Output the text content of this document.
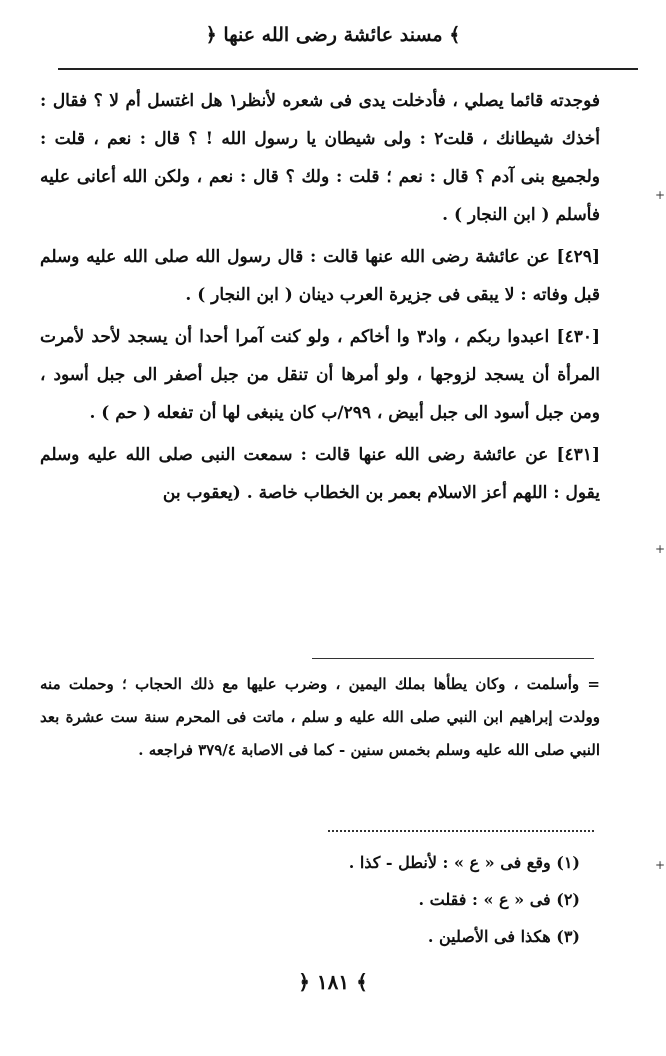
﴿ مسند عائشة رضى الله عنها ﴾

فوجدته قائما يصلي ، فأدخلت يدى فى شعره لأنظر١ هل اغتسل أم لا ؟ فقال : أخذك شيطانك ، قلت٢ : ولى شيطان يا رسول الله ! ؟ قال : نعم ، قلت : ولجميع بنى آدم ؟ قال : نعم ؛ قلت : ولك ؟ قال : نعم ، ولكن الله أعانى عليه فأسلم ( ابن النجار ) .

[٤٢٩] عن عائشة رضى الله عنها قالت : قال رسول الله صلى الله عليه وسلم قبل وفاته : لا يبقى فى جزيرة العرب دينان ( ابن النجار ) .

[٤٣٠] اعبدوا ربكم ، واد٣ وا أخاكم ، ولو كنت آمرا أحدا أن يسجد لأحد لأمرت المرأة أن يسجد لزوجها ، ولو أمرها أن تنقل من جبل أصفر الى جبل أسود ، ومن جبل أسود الى جبل أبيض ، ٢٩٩/ب كان ينبغى لها أن تفعله ( حم ) .

[٤٣١] عن عائشة رضى الله عنها قالت : سمعت النبى صلى الله عليه وسلم يقول : اللهم أعز الاسلام بعمر بن الخطاب خاصة . (يعقوب بن

= وأسلمت ، وكان يطأها بملك اليمين ، وضرب عليها مع ذلك الحجاب ؛ وحملت منه وولدت إبراهيم ابن النبي صلى الله عليه و سلم ، ماتت فى المحرم سنة ست عشرة بعد النبي صلى الله عليه وسلم بخمس سنين - كما فى الاصابة ٣٧٩/٤ فراجعه .

(١) وقع فى « ع » : لأنطل - كذا .
(٢) فى « ع » : فقلت .
(٣) هكذا فى الأصلين .
﴿ ١٨١ ﴾
+
+
+
